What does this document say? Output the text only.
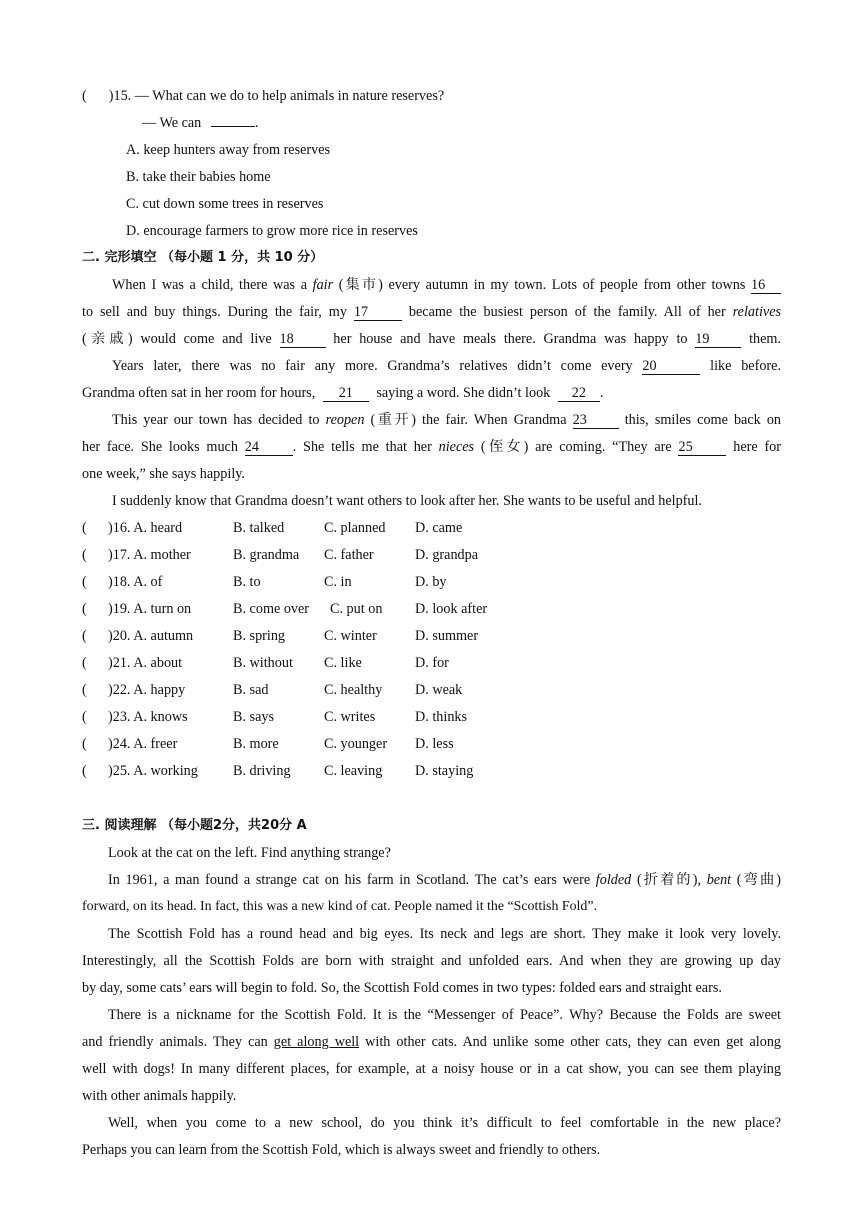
( )15. — What can we do to help animals in nature reserves?
— We can	.
A. keep hunters away from reserves
B. take their babies home
C. cut down some trees in reserves
D. encourage farmers to grow more rice in reserves
二. 完形填空 （每小题 1 分，共 10 分）
When I was a child, there was a fair (集市) every autumn in my town. Lots of people from other towns 16
to sell and buy things. During the fair, my 17	became the busiest person of the family. All of her relatives
(亲戚) would come and live 18	her house and have meals there. Grandma was happy to 19	them.
Years later, there was no fair any more. Grandma’s relatives didn’t come every 20	like before.
Grandma often sat in her room for hours, 21 saying a word. She didn’t look 22 .
This year our town has decided to reopen (重开) the fair. When Grandma 23	this, smiles come back on
her face. She looks much 24 . She tells me that her nieces (侄女) are coming. “They are 25	here for
one week,” she says happily.
I suddenly know that Grandma doesn’t want others to look after her. She wants to be useful and helpful.
( )16. A. heard	B. talked	C. planned D. came
( )17. A. mother	B. grandma C. father	D. grandpa
( )18. A. of	B. to	C. in	D. by
( )19. A. turn on	B. come over C. put on D. look after
( )20. A. autumn	B. spring	C. winter	D. summer
( )21. A. about	B. without C. like	D. for
( )22. A. happy	B. sad	C. healthy D. weak
( )23. A. knows	B. says	C. writes	D. thinks
( )24. A. freer	B. more	C. younger D. less
( )25. A. working B. driving C. leaving D. staying
三. 阅读理解 （每小题2分，共20分 A
Look at the cat on the left. Find anything strange?
In 1961, a man found a strange cat on his farm in Scotland. The cat’s ears were folded (折着的), bent (弯曲)
forward, on its head. In fact, this was a new kind of cat. People named it the “Scottish Fold”.
The Scottish Fold has a round head and big eyes. Its neck and legs are short. They make it look very lovely.
Interestingly, all the Scottish Folds are born with straight and unfolded ears. And when they are growing up day
by day, some cats’ ears will begin to fold. So, the Scottish Fold comes in two types: folded ears and straight ears.
There is a nickname for the Scottish Fold. It is the “Messenger of Peace”. Why? Because the Folds are sweet
and friendly animals. They can get along well with other cats. And unlike some other cats, they can even get along
well with dogs! In many different places, for example, at a noisy house or in a cat show, you can see them playing
with other animals happily.
Well, when you come to a new school, do you think it’s difficult to feel comfortable in the new place?
Perhaps you can learn from the Scottish Fold, which is always sweet and friendly to others.
